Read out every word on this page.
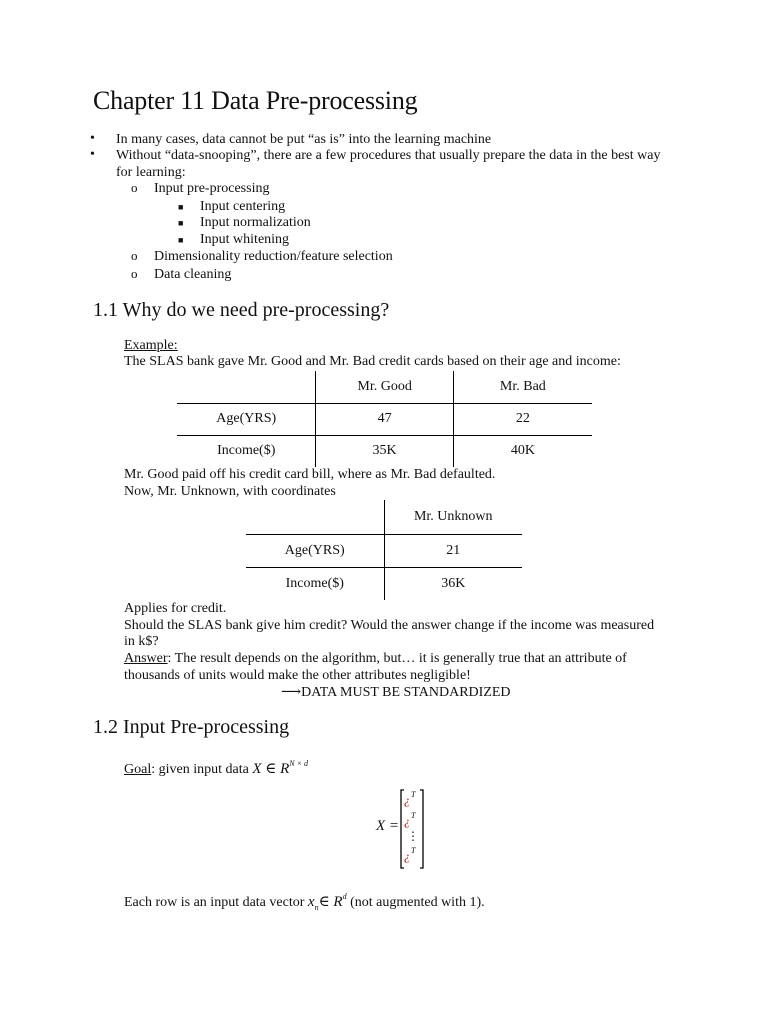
Chapter 11 Data Pre-processing
• In many cases, data cannot be put “as is” into the learning machine
• Without “data-snooping”, there are a few procedures that usually prepare the data in the best way
for learning:
o Input pre-processing
■ Input centering
■ Input normalization
■ Input whitening
o Dimensionality reduction/feature selection
o Data cleaning
1.1 Why do we need pre-processing?
Example:
The SLAS bank gave Mr. Good and Mr. Bad credit cards based on their age and income:
	Mr. Good	Mr. Bad
Age(YRS)	47	22
Income($)	35K	40K
Mr. Good paid off his credit card bill, where as Mr. Bad defaulted.
Now, Mr. Unknown, with coordinates
	Mr. Unknown
Age(YRS)	21
Income($)	36K
Applies for credit.
Should the SLAS bank give him credit? Would the answer change if the income was measured
in k$?
Answer: The result depends on the algorithm, but… it is generally true that an attribute of
thousands of units would make the other attributes negligible!
⟶DATA MUST BE STANDARDIZED
1.2 Input Pre-processing
Goal: given input data X ∈ $R^{N \times d}$
X =
¿ T
¿ T
⋮
¿ T
Each row is an input data vector $x_n\in$ $R^d$ (not augmented with 1).
